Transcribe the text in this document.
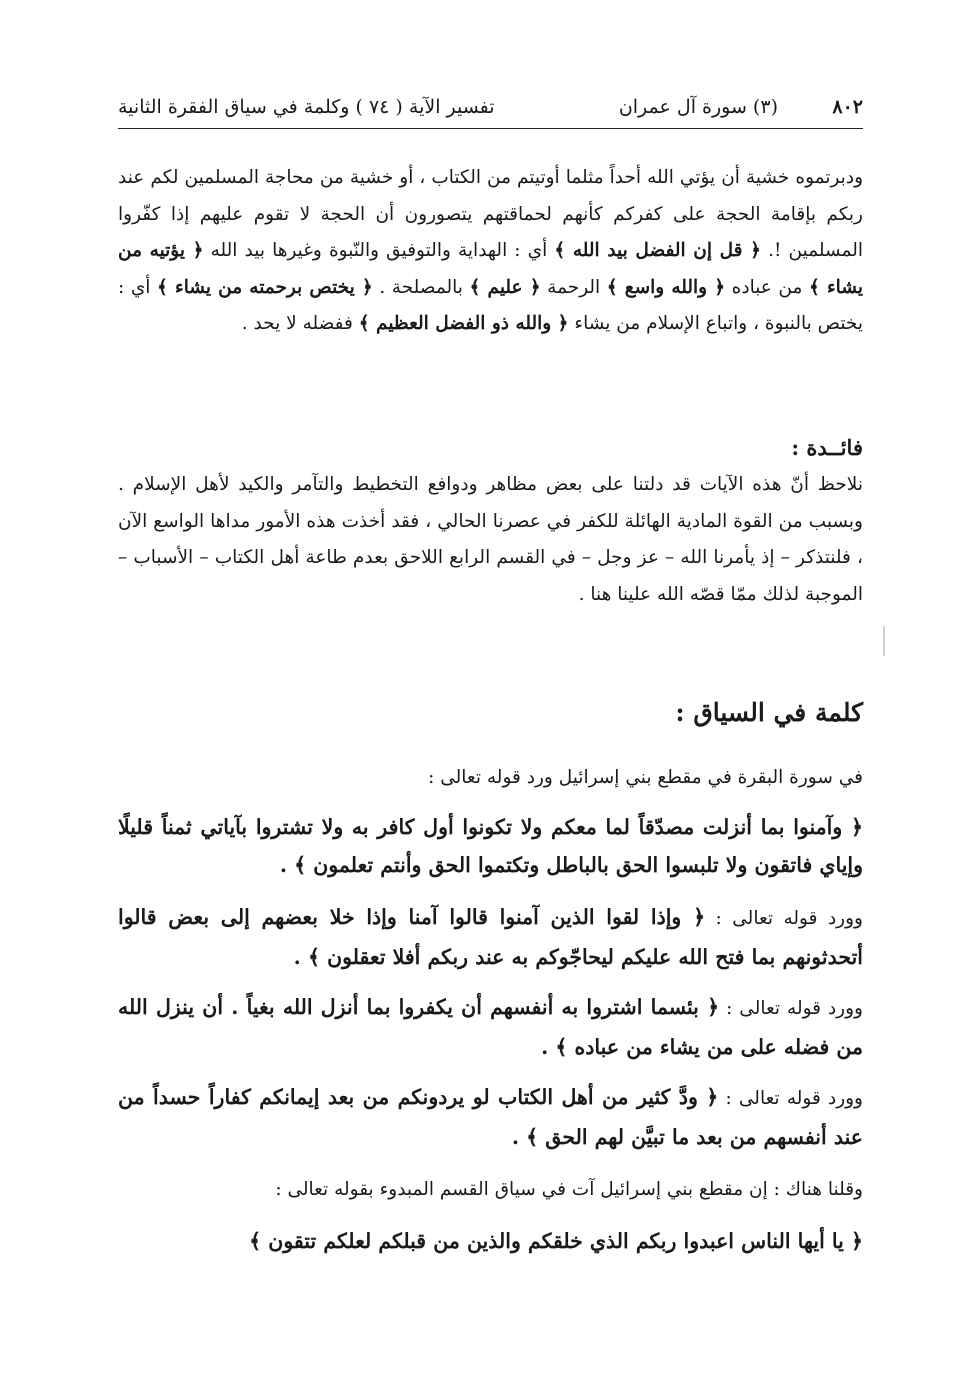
٨٠٢
(٣) سورة آل عمران
تفسير الآية ( ٧٤ ) وكلمة في سياق الفقرة الثانية
ودبرتموه خشية أن يؤتي الله أحداً مثلما أوتيتم من الكتاب ، أو خشية من محاجة المسلمين لكم عند ربكم بإقامة الحجة على كفركم كأنهم لحماقتهم يتصورون أن الحجة لا تقوم عليهم إذا كفّروا المسلمين !. ﴿ قل إن الفضل بيد الله ﴾ أي : الهداية والتوفيق والنّبوة وغيرها بيد الله ﴿ يؤتيه من يشاء ﴾ من عباده ﴿ والله واسع ﴾ الرحمة ﴿ عليم ﴾ بالمصلحة . ﴿ يختص برحمته من يشاء ﴾ أي : يختص بالنبوة ، واتباع الإسلام من يشاء ﴿ والله ذو الفضل العظيم ﴾ ففضله لا يحد .
فائــدة :
نلاحظ أنّ هذه الآيات قد دلتنا على بعض مظاهر ودوافع التخطيط والتآمر والكيد لأهل الإسلام . وبسبب من القوة المادية الهائلة للكفر في عصرنا الحالي ، فقد أخذت هذه الأمور مداها الواسع الآن ، فلنتذكر – إذ يأمرنا الله – عز وجل – في القسم الرابع اللاحق بعدم طاعة أهل الكتاب – الأسباب – الموجبة لذلك ممّا قصّه الله علينا هنا .
كلمة في السياق :
في سورة البقرة في مقطع بني إسرائيل ورد قوله تعالى :
﴿ وآمنوا بما أنزلت مصدّقاً لما معكم ولا تكونوا أول كافر به ولا تشتروا بآياتي ثمناً قليلًا وإياي فاتقون ولا تلبسوا الحق بالباطل وتكتموا الحق وأنتم تعلمون ﴾ .
وورد قوله تعالى : ﴿ وإذا لقوا الذين آمنوا قالوا آمنا وإذا خلا بعضهم إلى بعض قالوا أتحدثونهم بما فتح الله عليكم ليحاجّوكم به عند ربكم أفلا تعقلون ﴾ .
وورد قوله تعالى : ﴿ بئسما اشتروا به أنفسهم أن يكفروا بما أنزل الله بغياً . أن ينزل الله من فضله على من يشاء من عباده ﴾ .
وورد قوله تعالى : ﴿ ودَّ كثير من أهل الكتاب لو يردونكم من بعد إيمانكم كفاراً حسداً من عند أنفسهم من بعد ما تبيَّن لهم الحق ﴾ .
وقلنا هناك : إن مقطع بني إسرائيل آت في سياق القسم المبدوء بقوله تعالى :
﴿ يا أيها الناس اعبدوا ربكم الذي خلقكم والذين من قبلكم لعلكم تتقون ﴾
